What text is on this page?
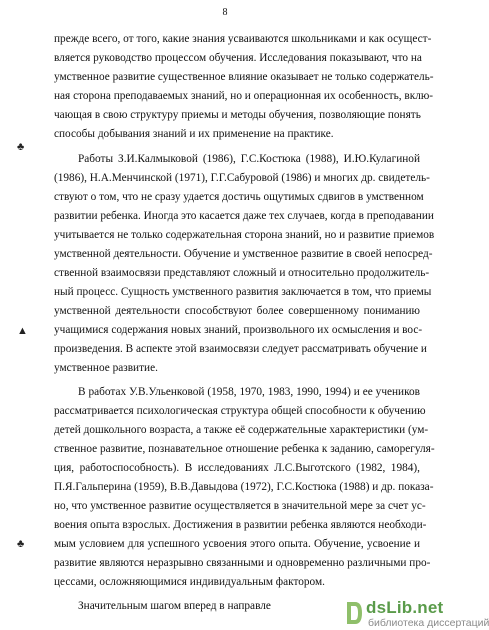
8
прежде всего, от того, какие знания усваиваются школьниками и как осущест-
вляется руководство процессом обучения. Исследования показывают, что на
умственное развитие существенное влияние оказывает не только содержатель-
ная сторона преподаваемых знаний, но и операционная их особенность, вклю-
чающая в свою структуру приемы и методы обучения, позволяющие понять
способы добывания знаний и их применение на практике.
Работы З.И.Калмыковой (1986), Г.С.Костюка (1988), И.Ю.Кулагиной
(1986), Н.А.Менчинской (1971), Г.Г.Сабуровой (1986) и многих др. свидетель-
ствуют о том, что не сразу удается достичь ощутимых сдвигов в умственном
развитии ребенка. Иногда это касается даже тех случаев, когда в преподавании
учитывается не только содержательная сторона знаний, но и развитие приемов
умственной деятельности. Обучение и умственное развитие в своей непосред-
ственной взаимосвязи представляют сложный и относительно продолжитель-
ный процесс. Сущность умственного развития заключается в том, что приемы
умственной деятельности способствуют более совершенному пониманию
учащимися содержания новых знаний, произвольного их осмысления и вос-
произведения. В аспекте этой взаимосвязи следует рассматривать обучение и
умственное развитие.
В работах У.В.Ульенковой (1958, 1970, 1983, 1990, 1994) и ее учеников
рассматривается психологическая структура общей способности к обучению
детей дошкольного возраста, а также её содержательные характеристики (ум-
ственное развитие, познавательное отношение ребенка к заданию, саморегуля-
ция, работоспособность). В исследованиях Л.С.Выготского (1982, 1984),
П.Я.Гальперина (1959), В.В.Давыдова (1972), Г.С.Костюка (1988) и др. показа-
но, что умственное развитие осуществляется в значительной мере за счет ус-
воения опыта взрослых. Достижения в развитии ребенка являются необходи-
мым условием для успешного усвоения этого опыта. Обучение, усвоение и
развитие являются неразрывно связанными и одновременно различными про-
цессами, осложняющимися индивидуальным фактором.
Значительным шагом вперед в направле
♣
▲
♣
dsLib.net
библиотека диссертаций
